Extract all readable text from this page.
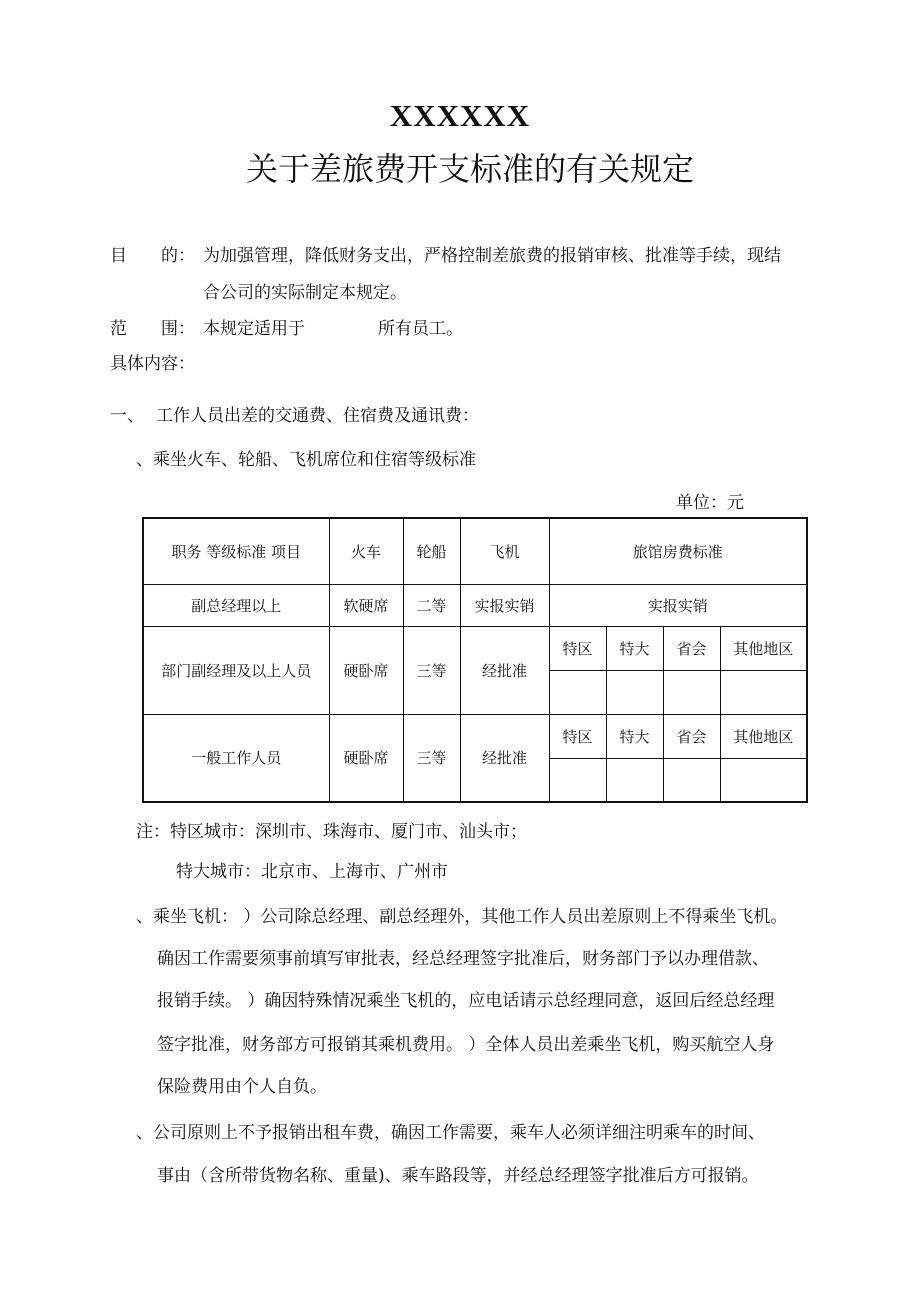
XXXXXX
关于差旅费开支标准的有关规定
目　　的： 为加强管理，降低财务支出，严格控制差旅费的报销审核、批准等手续，现结
合公司的实际制定本规定。
范　　围： 本规定适用于	所有员工。
具体内容：
一、 工作人员出差的交通费、住宿费及通讯费：
、乘坐火车、轮船、飞机席位和住宿等级标准
单位：元
职务 等级标准 项目	火车	轮船	飞机	旅馆房费标准			
副总经理以上	软硬席	二等	实报实销	实报实销			
部门副经理及以上人员	硬卧席	三等	经批准	特区	特大	省会	其他地区

一般工作人员	硬卧席	三等	经批准	特区	特大	省会	其他地区

注：特区城市：深圳市、珠海市、厦门市、汕头市；
特大城市：北京市、上海市、广州市
、乘坐飞机： ）公司除总经理、副总经理外，其他工作人员出差原则上不得乘坐飞机。
确因工作需要须事前填写审批表，经总经理签字批准后，财务部门予以办理借款、
报销手续。 ）确因特殊情况乘坐飞机的，应电话请示总经理同意，返回后经总经理
签字批准，财务部方可报销其乘机费用。 ）全体人员出差乘坐飞机，购买航空人身
保险费用由个人自负。
、公司原则上不予报销出租车费，确因工作需要，乘车人必须详细注明乘车的时间、
事由（含所带货物名称、重量)、乘车路段等，并经总经理签字批准后方可报销。
